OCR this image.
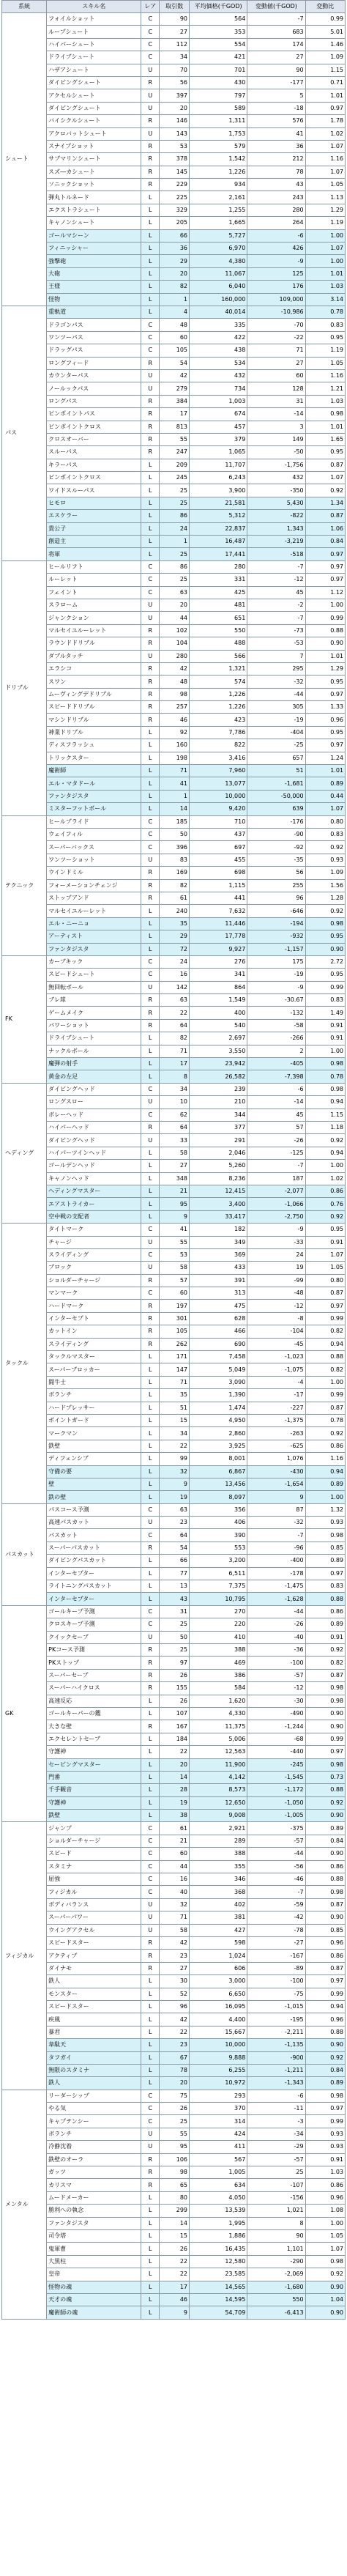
系統	スキル名	レア	取引数	平均価格(千GOD)	変動値(千GOD)	変動比
シュート	フォイルショット	C	90	564	-7	0.99
	ループシュート	C	27	353	683	5.01
	ハイパーシュート	C	112	554	174	1.46
	ドライブシュート	C	34	421	27	1.09
	ハザアシュート	U	70	701	90	1.15
	ダイビングシュート	R	56	430	-177	0.71
	アクセルシュート	U	397	797	5	1.01
	ダイビングシュート	U	20	589	-18	0.97
	バイシクルシュート	R	146	1,311	576	1.78
	アクロバットシュート	U	143	1,753	41	1.02
	スナイプショット	R	53	579	36	1.07
	サブマリンシュート	R	378	1,542	212	1.16
	スズ―カシュート	R	145	1,226	78	1.07
	ソニックショット	R	229	934	43	1.05
	弾丸トルネード	L	225	2,161	243	1.13
	エクストラシュート	L	329	1,255	280	1.29
	キャノンシュート	L	205	1,665	264	1.19
	ゴールマシーン	L	66	5,727	-6	1.00
	フィニッシャー	L	36	6,970	426	1.07
	強撃砲	L	29	4,380	-9	1.00
	大砲	L	20	11,067	125	1.01
	王様	L	82	6,040	176	1.03
	怪物	L	1	160,000	109,000	3.14
パス	重軌道	L	4	40,014	-10,986	0.78
	ドラゴンパス	C	48	335	-70	0.83
	ワンツーパス	C	60	422	-22	0.95
	ドラッグパス	C	105	438	71	1.19
	ロングフィード	R	54	534	27	1.05
	カウンターパス	U	42	432	60	1.16
	ノールックパス	U	279	734	128	1.21
	ロングパス	R	384	1,003	31	1.03
	ピンポイントパス	R	17	674	-14	0.98
	ピンポイントクロス	R	813	457	3	1.01
	クロスオーバー	R	55	379	149	1.65
	スルーパス	R	247	1,065	-50	0.95
	キラーパス	L	209	11,707	-1,756	0.87
	ピンポイントクロス	L	245	6,243	432	1.07
	ワイドスルーパス	L	25	3,900	-350	0.92
	ヒモロ	L	25	21,581	5,430	1.34
	エスケラー	L	86	5,312	-822	0.87
	貴公子	L	24	22,837	1,343	1.06
	創造主	L	1	16,487	-3,219	0.84
	将軍	L	25	17,441	-518	0.97
ドリブル	ヒールリフト	C	86	280	-7	0.97
	ルーレット	C	25	331	-12	0.97
	フェイント	C	63	425	45	1.12
	スラローム	U	20	481	-2	1.00
	ジャンクション	U	44	651	-7	0.99
	マルセイユルーレット	R	102	550	-73	0.88
	ラウンドドリブル	R	104	488	-53	0.90
	ダブルタッチ	U	280	566	7	1.01
	エラシコ	R	42	1,321	295	1.29
	スワン	R	48	574	-32	0.95
	ムーヴィングデドリブル	R	98	1,226	-44	0.97
	スピードドリブル	R	257	1,226	305	1.33
	マシンドリブル	R	46	423	-19	0.96
	神業ドリブル	L	92	7,786	-404	0.95
	ディスフラッシュ	L	160	822	-25	0.97
	トリックスター	L	198	3,416	657	1.24
	魔術師	L	71	7,960	51	1.01
	エル・マタドール	L	41	13,077	-1,681	0.89
	ファンタジスタ	L	1	10,000	-50,000	0.44
	ミスターフットボール	L	14	9,420	639	1.07
テクニック	ヒールプライド	C	185	710	-176	0.80
	ウェイフィル	C	50	437	-90	0.83
	スーパーバックス	C	396	697	-92	0.92
	ワンツーショット	U	83	455	-35	0.93
	ウインドミル	R	169	698	56	1.09
	フォーメーションチェンジ	R	82	1,115	255	1.56
	ストップアンド	R	61	441	96	1.28
	マルセイユルーレット	L	240	7,632	-646	0.92
	エル・ニーニョ	L	35	11,446	-194	0.98
	アーティスト	L	29	17,778	-932	0.95
	ファンタジスタ	L	72	9,927	-1,157	0.90
FK	カーブキック	C	24	276	175	2.72
	スピードシュート	C	16	341	-19	0.95
	無回転ボール	U	142	864	-9	0.99
	ブレ球	R	63	1,549	-30.67	0.83
	ゲームメイク	R	22	400	-132	1.49
	パワーショット	R	64	540	-58	0.91
	ドライブシュート	L	82	2,697	-266	0.91
	ナックルボール	L	71	3,550	2	1.00
	魔弾の射手	L	17	23,942	-405	0.98
	黄金の左足	L	8	26,582	-7,398	0.78
ヘディング	ダイビングヘッド	C	34	239	-6	0.98
	ロングスロー	U	10	210	-14	0.94
	ボレーヘッド	C	62	344	45	1.15
	ハイパーヘッド	R	64	377	57	1.18
	ダイビングヘッド	U	33	291	-26	0.92
	ハイパーツインヘッド	L	58	2,046	-125	0.94
	ゴールデンヘッド	L	27	5,260	-7	1.00
	キャノンヘッド	L	348	8,236	187	1.02
	ヘディングマスター	L	21	12,415	-2,077	0.86
	エアストライカー	L	95	3,400	-1,066	0.76
	空中戦の支配者	L	9	33,417	-2,750	0.92
タックル	タイトマーク	C	41	182	-9	0.95
	チャージ	U	55	349	-33	0.91
	スライディング	C	53	369	24	1.07
	ブロック	U	58	433	19	1.05
	ショルダーチャージ	R	57	391	-99	0.80
	マンマーク	C	60	313	-48	0.87
	ハードマーク	R	197	475	-12	0.97
	インターセプト	R	301	628	-8	0.99
	カットイン	R	105	466	-104	0.82
	スライディング	R	262	690	-45	0.94
	タックルマスター	L	171	7,458	-1,023	0.88
	スーパーブロッカー	L	147	5,049	-1,075	0.82
	闘牛士	L	71	3,090	-4	1.00
	ボランチ	L	35	1,390	-17	0.99
	ハードプレッサー	L	51	1,474	-227	0.87
	ポイントガード	L	15	4,950	-1,375	0.78
	マークマン	L	34	2,860	-263	0.92
	鉄壁	L	22	3,925	-625	0.86
	ディフェンシブ	L	99	8,001	1,076	1.16
	守備の要	L	32	6,867	-430	0.94
	壁	L	9	13,456	-1,654	0.89
	鉄の壁	L	19	8,097	9	1.00
パスカット	パスコース予測	C	63	356	87	1.32
	高速パスカット	U	23	406	-32	0.93
	パスカット	C	64	390	-7	0.98
	スーパーパスカット	R	54	553	-96	0.85
	ダイビングパスカット	L	66	3,200	-400	0.89
	インターセプター	L	77	6,511	-178	0.97
	ライトニングパスカット	L	13	7,375	-1,475	0.83
	インターセプター	L	43	10,795	-1,628	0.88
GK	ゴールキープ予測	C	31	270	-44	0.86
	クロスキープ予測	C	25	220	-26	0.89
	クイックセーブ	U	50	410	-40	0.91
	PKコース予測	R	25	388	-36	0.92
	PKストップ	R	97	469	-100	0.82
	スーパーセーブ	R	26	386	-57	0.87
	スーパーハイクロス	R	155	584	-12	0.98
	高速反応	L	26	1,620	-30	0.98
	ゴールキーパーの鑑	L	107	4,330	-490	0.90
	大きな壁	R	167	11,375	-1,244	0.90
	エクセレントセーブ	L	184	5,006	-68	0.99
	守護神	L	22	12,563	-440	0.97
	セービングマスター	L	20	11,900	-245	0.98
	門番	L	14	4,142	-1,545	0.73
	千手観音	L	28	8,573	-1,172	0.88
	守護神	L	19	12,650	-1,050	0.92
	鉄壁	L	38	9,008	-1,005	0.90
フィジカル	ジャンプ	C	61	2,921	-375	0.89
	ショルダーチャージ	C	21	289	-57	0.84
	スピード	C	60	388	-44	0.90
	スタミナ	C	44	355	-56	0.86
	屈強	C	16	346	-46	0.88
	フィジカル	C	40	368	-7	0.98
	ボディバランス	U	32	402	-59	0.87
	スーパーパワー	U	71	381	-42	0.90
	ウイングアクセル	U	58	427	-78	0.85
	スピードスター	R	42	598	-27	0.96
	アクティブ	R	23	1,024	-167	0.86
	ダイナモ	R	27	606	-89	0.87
	鉄人	L	30	3,000	-100	0.97
	モンスター	L	52	6,650	-75	0.99
	スピードスター	L	96	16,095	-1,015	0.94
	疾風	L	42	4,400	-195	0.96
	暴君	L	22	15,667	-2,211	0.88
	韋駄天	L	23	10,000	-1,135	0.90
	タフガイ	L	67	9,888	-900	0.92
	無限のスタミナ	L	78	6,255	-1,211	0.84
	鉄人	L	20	10,972	-1,343	0.89
メンタル	リーダーシップ	C	75	293	-6	0.98
	やる気	C	26	370	-11	0.97
	キャプテンシー	C	25	314	-3	0.99
	ボランチ	U	55	424	-34	0.93
	冷静沈着	U	95	411	-29	0.93
	鉄壁のオーラ	R	106	567	-57	0.91
	ガッツ	R	98	1,005	25	1.03
	カリスマ	R	65	634	-107	0.86
	ムードメーカー	L	80	4,050	-156	0.96
	勝利への執念	L	299	13,539	1,021	1.08
	ファンタジスタ	L	14	1,995	8	1.00
	司令塔	L	15	1,886	90	1.05
	鬼軍曹	L	26	16,435	1,101	1.07
	大黒柱	L	22	12,580	-290	0.98
	皇帝	L	22	23,585	-2,069	0.92
	怪物の魂	L	17	14,565	-1,680	0.90
	天才の魂	L	46	14,595	550	1.04
	魔術師の魂	L	9	54,709	-6,413	0.90
